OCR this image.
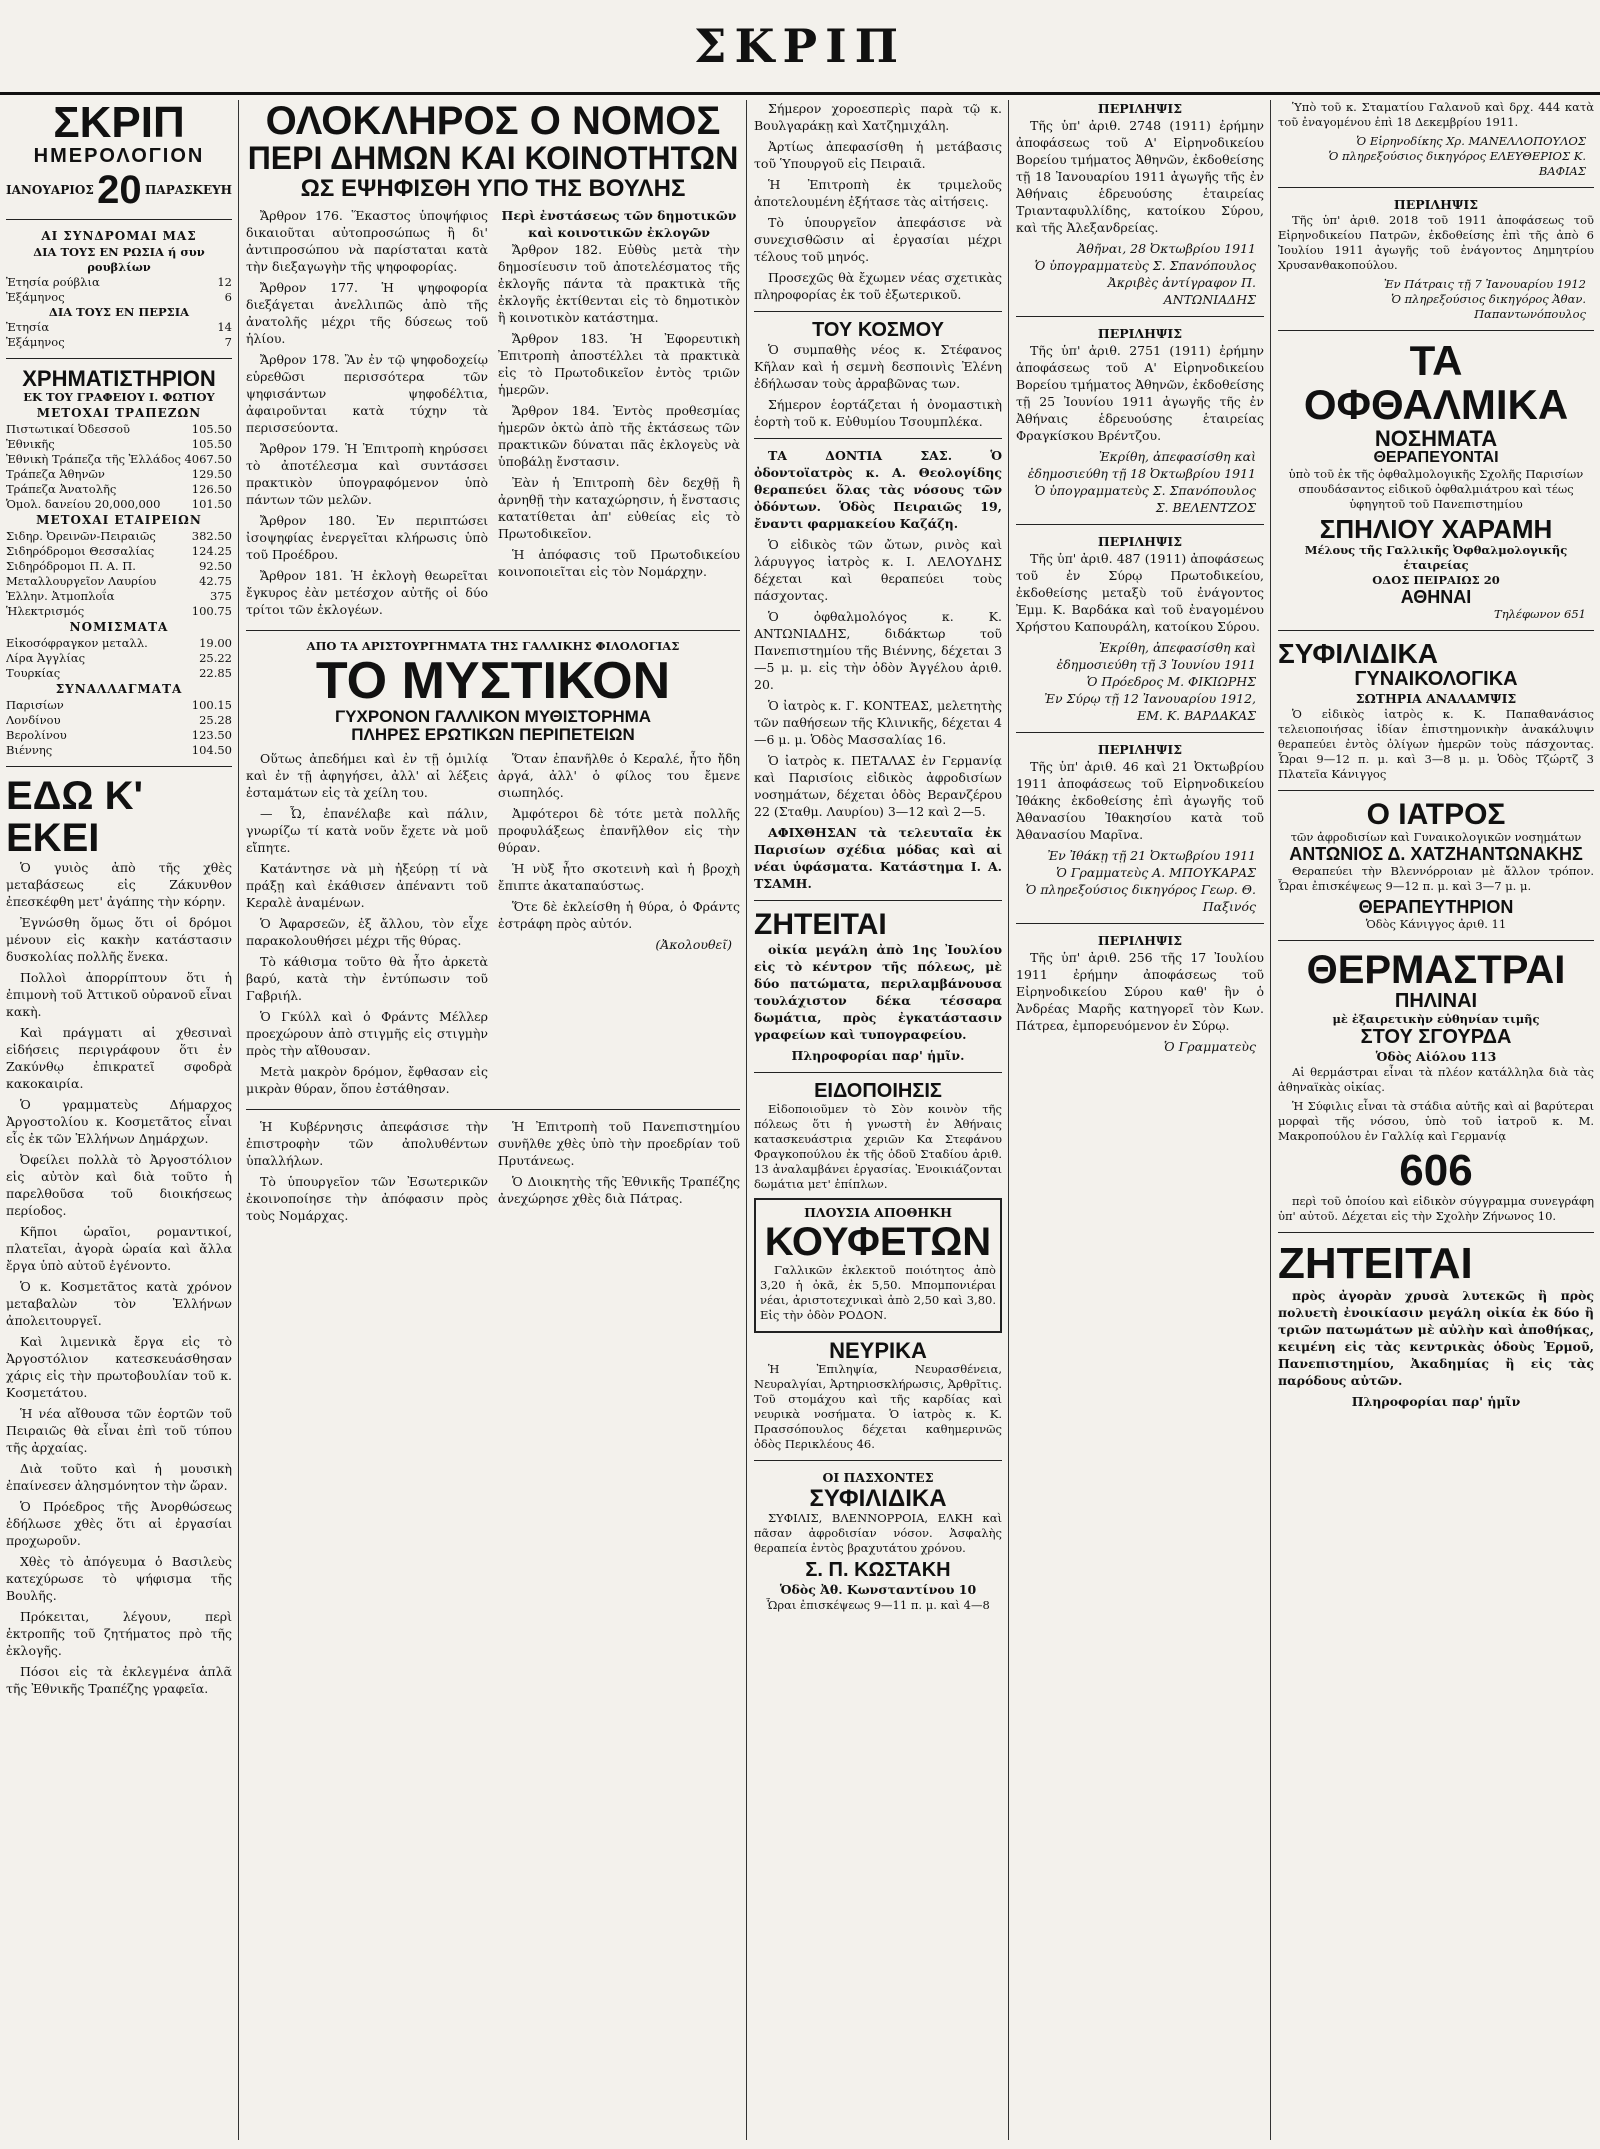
ΣΚΡΙΠ
ΣΚΡΙΠ
ΗΜΕΡΟΛΟΓΙΟΝ
ΙΑΝΟΥΑΡΙΟΣ 20 ΠΑΡΑΣΚΕΥΗ
ΑΙ ΣΥΝΔΡΟΜΑΙ ΜΑΣ
ΔΙΑ ΤΟΥΣ ΕΝ ΡΩΣΙΑ ή συν ρουβλίων
Ἐτησία ρούβλια	12
Ἐξάμηνος	6
ΔΙΑ ΤΟΥΣ ΕΝ ΠΕΡΣΙΑ
Ἐτησία	14
Ἐξάμηνος	7
ΧΡΗΜΑΤΙΣΤΗΡΙΟΝ
ΕΚ ΤΟΥ ΓΡΑΦΕΙΟΥ Ι. ΦΩΤΙΟΥ
ΜΕΤΟΧΑΙ ΤΡΑΠΕΖΩΝ
Πιστωτικαί Ὀδεσσοῦ	105.50
Ἐθνικῆς	105.50
Ἐθνικὴ Τράπεζα τῆς Ἑλλάδος	4067.50
Τράπεζα Ἀθηνῶν	129.50
Τράπεζα Ἀνατολῆς	126.50
Ὁμολ. δανείου 20,000,000	101.50
ΜΕΤΟΧΑΙ ΕΤΑΙΡΕΙΩΝ
Σιδηρ. Ὀρεινῶν-Πειραιῶς	382.50
Σιδηρόδρομοι Θεσσαλίας	124.25
Σιδηρόδρομοι Π. Α. Π.	92.50
Μεταλλουργεῖον Λαυρίου	42.75
Ἑλλην. Ἀτμοπλοΐα	375
Ἡλεκτρισμός	100.75
ΝΟΜΙΣΜΑΤΑ
Εἰκοσόφραγκον μεταλλ.	19.00
Λίρα Ἀγγλίας	25.22
Τουρκίας	22.85
ΣΥΝΑΛΛΑΓΜΑΤΑ
Παρισίων	100.15
Λονδίνου	25.28
Βερολίνου	123.50
Βιέννης	104.50
ΕΔΩ Κ' ΕΚΕΙ

Ὁ γυιὸς ἀπὸ τῆς χθὲς μεταβάσεως εἰς Ζάκυνθον ἐπεσκέφθη μετ' ἀγάπης τὴν κόρην.

Ἐγνώσθη ὅμως ὅτι οἱ δρόμοι μένουν εἰς κακὴν κατάστασιν δυσκολίας πολλῆς ἕνεκα.

Πολλοὶ ἀπορρίπτουν ὅτι ἡ ἐπιμονὴ τοῦ Ἀττικοῦ οὐρανοῦ εἶναι κακὴ.

Καὶ πράγματι αἱ χθεσιναὶ εἰδήσεις περιγράφουν ὅτι ἐν Ζακύνθῳ ἐπικρατεῖ σφοδρὰ κακοκαιρία.

Ὁ γραμματεὺς Δήμαρχος Ἀργοστολίου κ. Κοσμετᾶτος εἶναι εἷς ἐκ τῶν Ἑλλήνων Δημάρχων.

Ὀφείλει πολλὰ τὸ Ἀργοστόλιον εἰς αὐτὸν καὶ διὰ τοῦτο ἡ παρελθοῦσα τοῦ διοικήσεως περίοδος.

Κῆποι ὡραῖοι, ρομαντικοί, πλατεῖαι, ἀγορὰ ὡραία καὶ ἄλλα ἔργα ὑπὸ αὐτοῦ ἐγένοντο.

Ὁ κ. Κοσμετᾶτος κατὰ χρόνον μεταβαλὼν τὸν Ἑλλήνων ἀπολειτουργεῖ.

Καὶ λιμενικὰ ἔργα εἰς τὸ Ἀργοστόλιον κατεσκευάσθησαν χάρις εἰς τὴν πρωτοβουλίαν τοῦ κ. Κοσμετάτου.

Ἡ νέα αἴθουσα τῶν ἑορτῶν τοῦ Πειραιῶς θὰ εἶναι ἐπὶ τοῦ τύπου τῆς ἀρχαίας.

Διὰ τοῦτο καὶ ἡ μουσικὴ ἐπαίνεσεν ἀλησμόνητον τὴν ὥραν.

Ὁ Πρόεδρος τῆς Ἀνορθώσεως ἐδήλωσε χθὲς ὅτι αἱ ἐργασίαι προχωροῦν.

Χθὲς τὸ ἀπόγευμα ὁ Βασιλεὺς κατεχύρωσε τὸ ψήφισμα τῆς Βουλῆς.

Πρόκειται, λέγουν, περὶ ἐκτροπῆς τοῦ ζητήματος πρὸ τῆς ἐκλογῆς.

Πόσοι εἰς τὰ ἐκλεγμένα ἁπλᾶ τῆς Ἐθνικῆς Τραπέζης γραφεῖα.

ΟΛΟΚΛΗΡΟΣ Ο ΝΟΜΟΣ
ΠΕΡΙ ΔΗΜΩΝ ΚΑΙ ΚΟΙΝΟΤΗΤΩΝ
ΩΣ ΕΨΗΦΙΣΘΗ ΥΠΟ ΤΗΣ ΒΟΥΛΗΣ

Ἄρθρον 176. Ἕκαστος ὑποψήφιος δικαιοῦται αὐτοπροσώπως ἢ δι' ἀντιπροσώπου νὰ παρίσταται κατὰ τὴν διεξαγωγὴν τῆς ψηφοφορίας.

Ἄρθρον 177. Ἡ ψηφοφορία διεξάγεται ἀνελλιπῶς ἀπὸ τῆς ἀνατολῆς μέχρι τῆς δύσεως τοῦ ἡλίου.

Ἄρθρον 178. Ἂν ἐν τῷ ψηφοδοχείῳ εὑρεθῶσι περισσότερα τῶν ψηφισάντων ψηφοδέλτια, ἀφαιροῦνται κατὰ τύχην τὰ περισσεύοντα.

Ἄρθρον 179. Ἡ Ἐπιτροπὴ κηρύσσει τὸ ἀποτέλεσμα καὶ συντάσσει πρακτικὸν ὑπογραφόμενον ὑπὸ πάντων τῶν μελῶν.

Ἄρθρον 180. Ἐν περιπτώσει ἰσοψηφίας ἐνεργεῖται κλήρωσις ὑπὸ τοῦ Προέδρου.

Ἄρθρον 181. Ἡ ἐκλογὴ θεωρεῖται ἔγκυρος ἐὰν μετέσχον αὐτῆς οἱ δύο τρίτοι τῶν ἐκλογέων.

Περὶ ἐνστάσεως τῶν δημοτικῶν καὶ κοινοτικῶν ἐκλογῶν

Ἄρθρον 182. Εὐθὺς μετὰ τὴν δημοσίευσιν τοῦ ἀποτελέσματος τῆς ἐκλογῆς πάντα τὰ πρακτικὰ τῆς ἐκλογῆς ἐκτίθενται εἰς τὸ δημοτικὸν ἢ κοινοτικὸν κατάστημα.

Ἄρθρον 183. Ἡ Ἐφορευτικὴ Ἐπιτροπὴ ἀποστέλλει τὰ πρακτικὰ εἰς τὸ Πρωτοδικεῖον ἐντὸς τριῶν ἡμερῶν.

Ἄρθρον 184. Ἐντὸς προθεσμίας ἡμερῶν ὀκτὼ ἀπὸ τῆς ἐκτάσεως τῶν πρακτικῶν δύναται πᾶς ἐκλογεὺς νὰ ὑποβάλῃ ἔνστασιν.

Ἐὰν ἡ Ἐπιτροπὴ δὲν δεχθῇ ἢ ἀρνηθῇ τὴν καταχώρησιν, ἡ ἔνστασις κατατίθεται ἀπ' εὐθείας εἰς τὸ Πρωτοδικεῖον.

Ἡ ἀπόφασις τοῦ Πρωτοδικείου κοινοποιεῖται εἰς τὸν Νομάρχην.

ΑΠΟ ΤΑ ΑΡΙΣΤΟΥΡΓΗΜΑΤΑ ΤΗΣ ΓΑΛΛΙΚΗΣ ΦΙΛΟΛΟΓΙΑΣ
ΤΟ ΜΥΣΤΙΚΟΝ
ΓΥΧΡΟΝΟΝ ΓΑΛΛΙΚΟΝ ΜΥΘΙΣΤΟΡΗΜΑ
ΠΛΗΡΕΣ ΕΡΩΤΙΚΩΝ ΠΕΡΙΠΕΤΕΙΩΝ

Οὕτως ἀπεδήμει καὶ ἐν τῇ ὁμιλίᾳ καὶ ἐν τῇ ἀφηγήσει, ἀλλ' αἱ λέξεις ἐσταμάτων εἰς τὰ χείλη του.

— Ὦ, ἐπανέλαβε καὶ πάλιν, γνωρίζω τί κατὰ νοῦν ἔχετε νὰ μοῦ εἴπητε.

Κατάντησε νὰ μὴ ἠξεύρῃ τί νὰ πράξῃ καὶ ἐκάθισεν ἀπέναντι τοῦ Κεραλὲ ἀναμένων.

Ὁ Ἀφαρσεῶν, ἐξ ἄλλου, τὸν εἶχε παρακολουθήσει μέχρι τῆς θύρας.

Τὸ κάθισμα τοῦτο θὰ ἦτο ἀρκετὰ βαρύ, κατὰ τὴν ἐντύπωσιν τοῦ Γαβριήλ.

Ὁ Γκύλλ καὶ ὁ Φράντς Μέλλερ προεχώρουν ἀπὸ στιγμῆς εἰς στιγμὴν πρὸς τὴν αἴθουσαν.

Μετὰ μακρὸν δρόμον, ἔφθασαν εἰς μικρὰν θύραν, ὅπου ἐστάθησαν.

Ὅταν ἐπανῆλθε ὁ Κεραλέ, ἦτο ἤδη ἀργά, ἀλλ' ὁ φίλος του ἔμενε σιωπηλός.

Ἀμφότεροι δὲ τότε μετὰ πολλῆς προφυλάξεως ἐπανῆλθον εἰς τὴν θύραν.

Ἡ νὺξ ἦτο σκοτεινὴ καὶ ἡ βροχὴ ἔπιπτε ἀκαταπαύστως.

Ὅτε δὲ ἐκλείσθη ἡ θύρα, ὁ Φράντς ἐστράφη πρὸς αὐτόν.

(Ἀκολουθεῖ)

Ἡ Κυβέρνησις ἀπεφάσισε τὴν ἐπιστροφὴν τῶν ἀπολυθέντων ὑπαλλήλων.

Τὸ ὑπουργεῖον τῶν Ἐσωτερικῶν ἐκοινοποίησε τὴν ἀπόφασιν πρὸς τοὺς Νομάρχας.

Ἡ Ἐπιτροπὴ τοῦ Πανεπιστημίου συνῆλθε χθὲς ὑπὸ τὴν προεδρίαν τοῦ Πρυτάνεως.

Ὁ Διοικητὴς τῆς Ἐθνικῆς Τραπέζης ἀνεχώρησε χθὲς διὰ Πάτρας.

Σήμερον χοροεσπερὶς παρὰ τῷ κ. Βουλγαράκῃ καὶ Χατζημιχάλη.

Ἀρτίως ἀπεφασίσθη ἡ μετάβασις τοῦ Ὑπουργοῦ εἰς Πειραιᾶ.

Ἡ Ἐπιτροπὴ ἐκ τριμελοῦς ἀποτελουμένη ἐξήτασε τὰς αἰτήσεις.

Τὸ ὑπουργεῖον ἀπεφάσισε νὰ συνεχισθῶσιν αἱ ἐργασίαι μέχρι τέλους τοῦ μηνός.

Προσεχῶς θὰ ἔχωμεν νέας σχετικὰς πληροφορίας ἐκ τοῦ ἐξωτερικοῦ.

ΤΟΥ ΚΟΣΜΟΥ

Ὁ συμπαθὴς νέος κ. Στέφανος Κῆλαν καὶ ἡ σεμνὴ δεσποινὶς Ἐλένη ἐδήλωσαν τοὺς ἀρραβῶνας των.

Σήμερον ἑορτάζεται ἡ ὀνομαστικὴ ἑορτὴ τοῦ κ. Εὐθυμίου Τσουμπλέκα.

ΤΑ ΔΟΝΤΙΑ ΣΑΣ. Ὁ ὀδοντοϊατρὸς κ. Α. Θεολογίδης θεραπεύει ὅλας τὰς νόσους τῶν ὀδόντων. Ὁδὸς Πειραιῶς 19, ἔναντι φαρμακείου Καζάζη.

Ὁ εἰδικὸς τῶν ὤτων, ρινὸς καὶ λάρυγγος ἰατρὸς κ. Ι. ΛΕΛΟΥΔΗΣ δέχεται καὶ θεραπεύει τοὺς πάσχοντας.

Ὁ ὀφθαλμολόγος κ. Κ. ΑΝΤΩΝΙΑΔΗΣ, διδάκτωρ τοῦ Πανεπιστημίου τῆς Βιέννης, δέχεται 3—5 μ. μ. εἰς τὴν ὁδὸν Ἀγγέλου ἀριθ. 20.

Ὁ ἰατρὸς κ. Γ. ΚΟΝΤΕΑΣ, μελετητὴς τῶν παθήσεων τῆς Κλινικῆς, δέχεται 4—6 μ. μ. Ὁδὸς Μασσαλίας 16.

Ὁ ἰατρὸς κ. ΠΕΤΑΛΑΣ ἐν Γερμανίᾳ καὶ Παρισίοις εἰδικὸς ἀφροδισίων νοσημάτων, δέχεται ὁδὸς Βερανζέρου 22 (Σταθμ. Λαυρίου) 3—12 καὶ 2—5.

ΑΦΙΧΘΗΣΑΝ τὰ τελευταῖα ἐκ Παρισίων σχέδια μόδας καὶ αἱ νέαι ὑφάσματα. Κατάστημα Ι. Α. ΤΣΑΜΗ.

ΖΗΤΕΙΤΑΙ

οἰκία μεγάλη ἀπὸ 1ης Ἰουλίου εἰς τὸ κέντρον τῆς πόλεως, μὲ δύο πατώματα, περιλαμβάνουσα τουλάχιστον δέκα τέσσαρα δωμάτια, πρὸς ἐγκατάστασιν γραφείων καὶ τυπογραφείου.

Πληροφορίαι παρ' ἡμῖν.
ΕΙΔΟΠΟΙΗΣΙΣ

Εἰδοποιοῦμεν τὸ Σὸν κοινὸν τῆς πόλεως ὅτι ἡ γνωστὴ ἐν Ἀθήναις κατασκευάστρια χεριῶν Κα Στεφάνου Φραγκοπούλου ἐκ τῆς ὁδοῦ Σταδίου ἀριθ. 13 ἀναλαμβάνει ἐργασίας. Ἐνοικιάζονται δωμάτια μετ' ἐπίπλων.

ΠΛΟΥΣΙΑ ΑΠΟΘΗΚΗ
ΚΟΥΦΕΤΩΝ

Γαλλικῶν ἐκλεκτοῦ ποιότητος ἀπὸ 3,20 ἡ ὀκᾶ, ἐκ 5,50. Μπομπονιέραι νέαι, ἀριστοτεχνικαὶ ἀπὸ 2,50 καὶ 3,80. Εἰς τὴν ὁδὸν ΡΟΔΟΝ.

ΝΕΥΡΙΚΑ

Ἡ Ἐπιληψία, Νευρασθένεια, Νευραλγίαι, Ἀρτηριοσκλήρωσις, Ἀρθρῖτις. Τοῦ στομάχου καὶ τῆς καρδίας καὶ νευρικὰ νοσήματα. Ὁ ἰατρὸς κ. Κ. Πρασσόπουλος δέχεται καθημερινῶς ὁδὸς Περικλέους 46.

ΟΙ ΠΑΣΧΟΝΤΕΣ
ΣΥΦΙΛΙΔΙΚΑ

ΣΥΦΙΛΙΣ, ΒΛΕΝΝΟΡΡΟΙΑ, ΕΛΚΗ καὶ πᾶσαν ἀφροδισίαν νόσον. Ἀσφαλὴς θεραπεία ἐντὸς βραχυτάτου χρόνου.

Σ. Π. ΚΩΣΤΑΚΗ
Ὁδὸς Ἀθ. Κωνσταντίνου 10
Ὧραι ἐπισκέψεως 9—11 π. μ. καὶ 4—8
ΠΕΡΙΛΗΨΙΣ

Τῆς ὑπ' ἀριθ. 2748 (1911) ἐρήμην ἀποφάσεως τοῦ Α' Εἰρηνοδικείου Βορείου τμήματος Ἀθηνῶν, ἐκδοθείσης τῇ 18 Ἰανουαρίου 1911 ἀγωγῆς τῆς ἐν Ἀθήναις ἑδρευούσης ἑταιρείας Τριανταφυλλίδης, κατοίκου Σύρου, καὶ τῆς Ἀλεξανδρείας.

Ἀθῆναι, 28 Ὀκτωβρίου 1911
Ὁ ὑπογραμματεὺς Σ. Σπανόπουλος
Ἀκριβὲς ἀντίγραφον Π. ΑΝΤΩΝΙΑΔΗΣ
ΠΕΡΙΛΗΨΙΣ

Τῆς ὑπ' ἀριθ. 2751 (1911) ἐρήμην ἀποφάσεως τοῦ Α' Εἰρηνοδικείου Βορείου τμήματος Ἀθηνῶν, ἐκδοθείσης τῇ 25 Ἰουνίου 1911 ἀγωγῆς τῆς ἐν Ἀθήναις ἑδρευούσης ἑταιρείας Φραγκίσκου Βρέντζου.

Ἐκρίθη, ἀπεφασίσθη καὶ ἐδημοσιεύθη τῇ 18 Ὀκτωβρίου 1911
Ὁ ὑπογραμματεὺς Σ. Σπανόπουλος
Σ. ΒΕΛΕΝΤΖΟΣ
ΠΕΡΙΛΗΨΙΣ

Τῆς ὑπ' ἀριθ. 487 (1911) ἀποφάσεως τοῦ ἐν Σύρῳ Πρωτοδικείου, ἐκδοθείσης μεταξὺ τοῦ ἐνάγοντος Ἐμμ. Κ. Βαρδάκα καὶ τοῦ ἐναγομένου Χρήστου Καπουράλη, κατοίκου Σύρου.

Ἐκρίθη, ἀπεφασίσθη καὶ ἐδημοσιεύθη τῇ 3 Ἰουνίου 1911
Ὁ Πρόεδρος Μ. ΦΙΚΙΩΡΗΣ
Ἐν Σύρῳ τῇ 12 Ἰανουαρίου 1912, ΕΜ. Κ. ΒΑΡΔΑΚΑΣ
ΠΕΡΙΛΗΨΙΣ

Τῆς ὑπ' ἀριθ. 46 καὶ 21 Ὀκτωβρίου 1911 ἀποφάσεως τοῦ Εἰρηνοδικείου Ἰθάκης ἐκδοθείσης ἐπὶ ἀγωγῆς τοῦ Ἀθανασίου Ἰθακησίου κατὰ τοῦ Ἀθανασίου Μαρῖνα.

Ἐν Ἰθάκῃ τῇ 21 Ὀκτωβρίου 1911
Ὁ Γραμματεὺς Α. ΜΠΟΥΚΑΡΑΣ
Ὁ πληρεξούσιος δικηγόρος Γεωρ. Θ. Παξινός
ΠΕΡΙΛΗΨΙΣ

Τῆς ὑπ' ἀριθ. 256 τῆς 17 Ἰουλίου 1911 ἐρήμην ἀποφάσεως τοῦ Εἰρηνοδικείου Σύρου καθ' ἣν ὁ Ἀνδρέας Μαρῆς κατηγορεῖ τὸν Κων. Πάτρεα, ἐμπορευόμενον ἐν Σύρῳ.

Ὁ Γραμματεὺς

Ὑπὸ τοῦ κ. Σταματίου Γαλανοῦ καὶ δρχ. 444 κατὰ τοῦ ἐναγομένου ἐπὶ 18 Δεκεμβρίου 1911.

Ὁ Εἰρηνοδίκης Χρ. ΜΑΝΕΛΛΟΠΟΥΛΟΣ
Ὁ πληρεξούσιος δικηγόρος ΕΛΕΥΘΕΡΙΟΣ Κ. ΒΑΦΙΑΣ
ΠΕΡΙΛΗΨΙΣ

Τῆς ὑπ' ἀριθ. 2018 τοῦ 1911 ἀποφάσεως τοῦ Εἰρηνοδικείου Πατρῶν, ἐκδοθείσης ἐπὶ τῆς ἀπὸ 6 Ἰουλίου 1911 ἀγωγῆς τοῦ ἐνάγοντος Δημητρίου Χρυσανθακοπούλου.

Ἐν Πάτραις τῇ 7 Ἰανουαρίου 1912
Ὁ πληρεξούσιος δικηγόρος Ἀθαν. Παπαντωνόπουλος
ΤΑ ΟΦΘΑΛΜΙΚΑ
ΝΟΣΗΜΑΤΑ
ΘΕΡΑΠΕΥΟΝΤΑΙ

ὑπὸ τοῦ ἐκ τῆς ὀφθαλμολογικῆς Σχολῆς Παρισίων σπουδάσαντος εἰδικοῦ ὀφθαλμιάτρου καὶ τέως ὑφηγητοῦ τοῦ Πανεπιστημίου

ΣΠΗΛΙΟΥ ΧΑΡΑΜΗ
Μέλους τῆς Γαλλικῆς Ὀφθαλμολογικῆς ἑταιρείας
ΟΔΟΣ ΠΕΙΡΑΙΩΣ 20
ΑΘΗΝΑΙ
Τηλέφωνον 651
ΣΥΦΙΛΙΔΙΚΑ
ΓΥΝΑΙΚΟΛΟΓΙΚΑ
ΣΩΤΗΡΙΑ ΑΝΑΛΑΜΨΙΣ

Ὁ εἰδικὸς ἰατρὸς κ. Κ. Παπαθανάσιος τελειοποιήσας ἰδίαν ἐπιστημονικὴν ἀνακάλυψιν θεραπεύει ἐντὸς ὀλίγων ἡμερῶν τοὺς πάσχοντας. Ὧραι 9—12 π. μ. καὶ 3—8 μ. μ. Ὁδὸς Τζώρτζ 3 Πλατεῖα Κάνιγγος

Ο ΙΑΤΡΟΣ
τῶν ἀφροδισίων καὶ Γυναικολογικῶν νοσημάτων
ΑΝΤΩΝΙΟΣ Δ. ΧΑΤΖΗΑΝΤΩΝΑΚΗΣ

Θεραπεύει τὴν Βλεννόρροιαν μὲ ἄλλον τρόπον. Ὧραι ἐπισκέψεως 9—12 π. μ. καὶ 3—7 μ. μ.

ΘΕΡΑΠΕΥΤΗΡΙΟΝ
Ὁδὸς Κάνιγγος ἀριθ. 11
ΘΕΡΜΑΣΤΡΑΙ
ΠΗΛΙΝΑΙ
μὲ ἐξαιρετικὴν εὐθηνίαν τιμῆς
ΣΤΟΥ ΣΓΟΥΡΔΑ
Ὁδὸς Αἰόλου 113

Αἱ θερμάστραι εἶναι τὰ πλέον κατάλληλα διὰ τὰς ἀθηναϊκὰς οἰκίας.

Ἡ Σύφιλις εἶναι τὰ στάδια αὐτῆς καὶ αἱ βαρύτεραι μορφαὶ τῆς νόσου, ὑπὸ τοῦ ἰατροῦ κ. Μ. Μακροπούλου ἐν Γαλλίᾳ καὶ Γερμανίᾳ

606

περὶ τοῦ ὁποίου καὶ εἰδικὸν σύγγραμμα συνεγράφη ὑπ' αὐτοῦ. Δέχεται εἰς τὴν Σχολὴν Ζήνωνος 10.

ΖΗΤΕΙΤΑΙ

πρὸς ἀγορὰν χρυσὰ λυτεκῶς ἢ πρὸς πολυετὴ ἐνοικίασιν μεγάλη οἰκία ἐκ δύο ἢ τριῶν πατωμάτων μὲ αὐλὴν καὶ ἀποθήκας, κειμένη εἰς τὰς κεντρικὰς ὁδοὺς Ἑρμοῦ, Πανεπιστημίου, Ἀκαδημίας ἢ εἰς τὰς παρόδους αὐτῶν.

Πληροφορίαι παρ' ἡμῖν
